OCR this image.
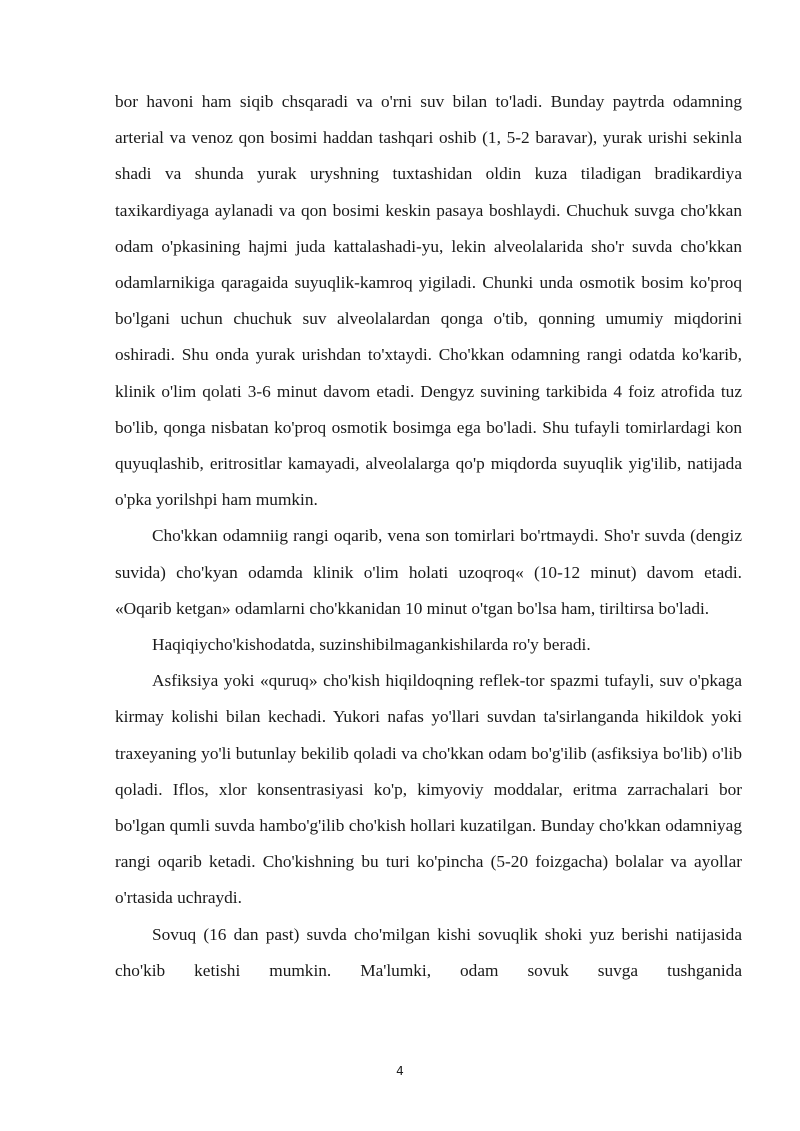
bor havoni ham siqib chsqaradi va o'rni suv bilan to'ladi. Bunday paytrda odamning arterial va venoz qon bosimi haddan tashqari oshib (1, 5-2 baravar), yurak urishi sekinla shadi va shunda yurak uryshning tuxtashidan oldin kuza tiladigan bradikardiya taxikardiyaga aylanadi va qon bosimi keskin pasaya boshlaydi. Chuchuk suvga cho'kkan odam o'pkasining hajmi juda kattalashadi-yu, lekin alveolalarida sho'r suvda cho'kkan odamlarnikiga qaragaida suyuqlik-kamroq yigiladi. Chunki unda osmotik bosim ko'proq bo'lgani uchun chuchuk suv alveolalardan qonga o'tib, qonning umumiy miqdorini oshiradi. Shu onda yurak urishdan to'xtaydi. Cho'kkan odamning rangi odatda ko'karib, klinik o'lim qolati 3-6 minut davom etadi. Dengyz suvining tarkibida 4 foiz atrofida tuz bo'lib, qonga nisbatan ko'proq osmotik bosimga ega bo'ladi. Shu tufayli tomirlardagi kon quyuqlashib, eritrositlar kamayadi, alveolalarga qo'p miqdorda suyuqlik yig'ilib, natijada o'pka yorilshpi ham mumkin.

Cho'kkan odamniig rangi oqarib, vena son tomirlari bo'rtmaydi. Sho'r suvda (dengiz suvida) cho'kyan odamda klinik o'lim holati uzoqroq« (10-12 minut) davom etadi. «Oqarib ketgan» odamlarni cho'kkanidan 10 minut o'tgan bo'lsa ham, tiriltirsa bo'ladi.

Haqiqiycho'kishodatda, suzinshibilmagankishilarda ro'y beradi.

Asfiksiya yoki «quruq» cho'kish hiqildoqning reflek-tor spazmi tufayli, suv o'pkaga kirmay kolishi bilan kechadi. Yukori nafas yo'llari suvdan ta'sirlanganda hikildok yoki traxeyaning yo'li butunlay bekilib qoladi va cho'kkan odam bo'g'ilib (asfiksiya bo'lib) o'lib qoladi. Iflos, xlor konsentrasiyasi ko'p, kimyoviy moddalar, eritma zarrachalari bor bo'lgan qumli suvda hambo'g'ilib cho'kish hollari kuzatilgan. Bunday cho'kkan odamniyag rangi oqarib ketadi. Cho'kishning bu turi ko'pincha (5-20 foizgacha) bolalar va ayollar o'rtasida uchraydi.

Sovuq (16 dan past) suvda cho'milgan kishi sovuqlik shoki yuz berishi natijasida cho'kib ketishi mumkin. Ma'lumki, odam sovuk suvga tushganida

4
